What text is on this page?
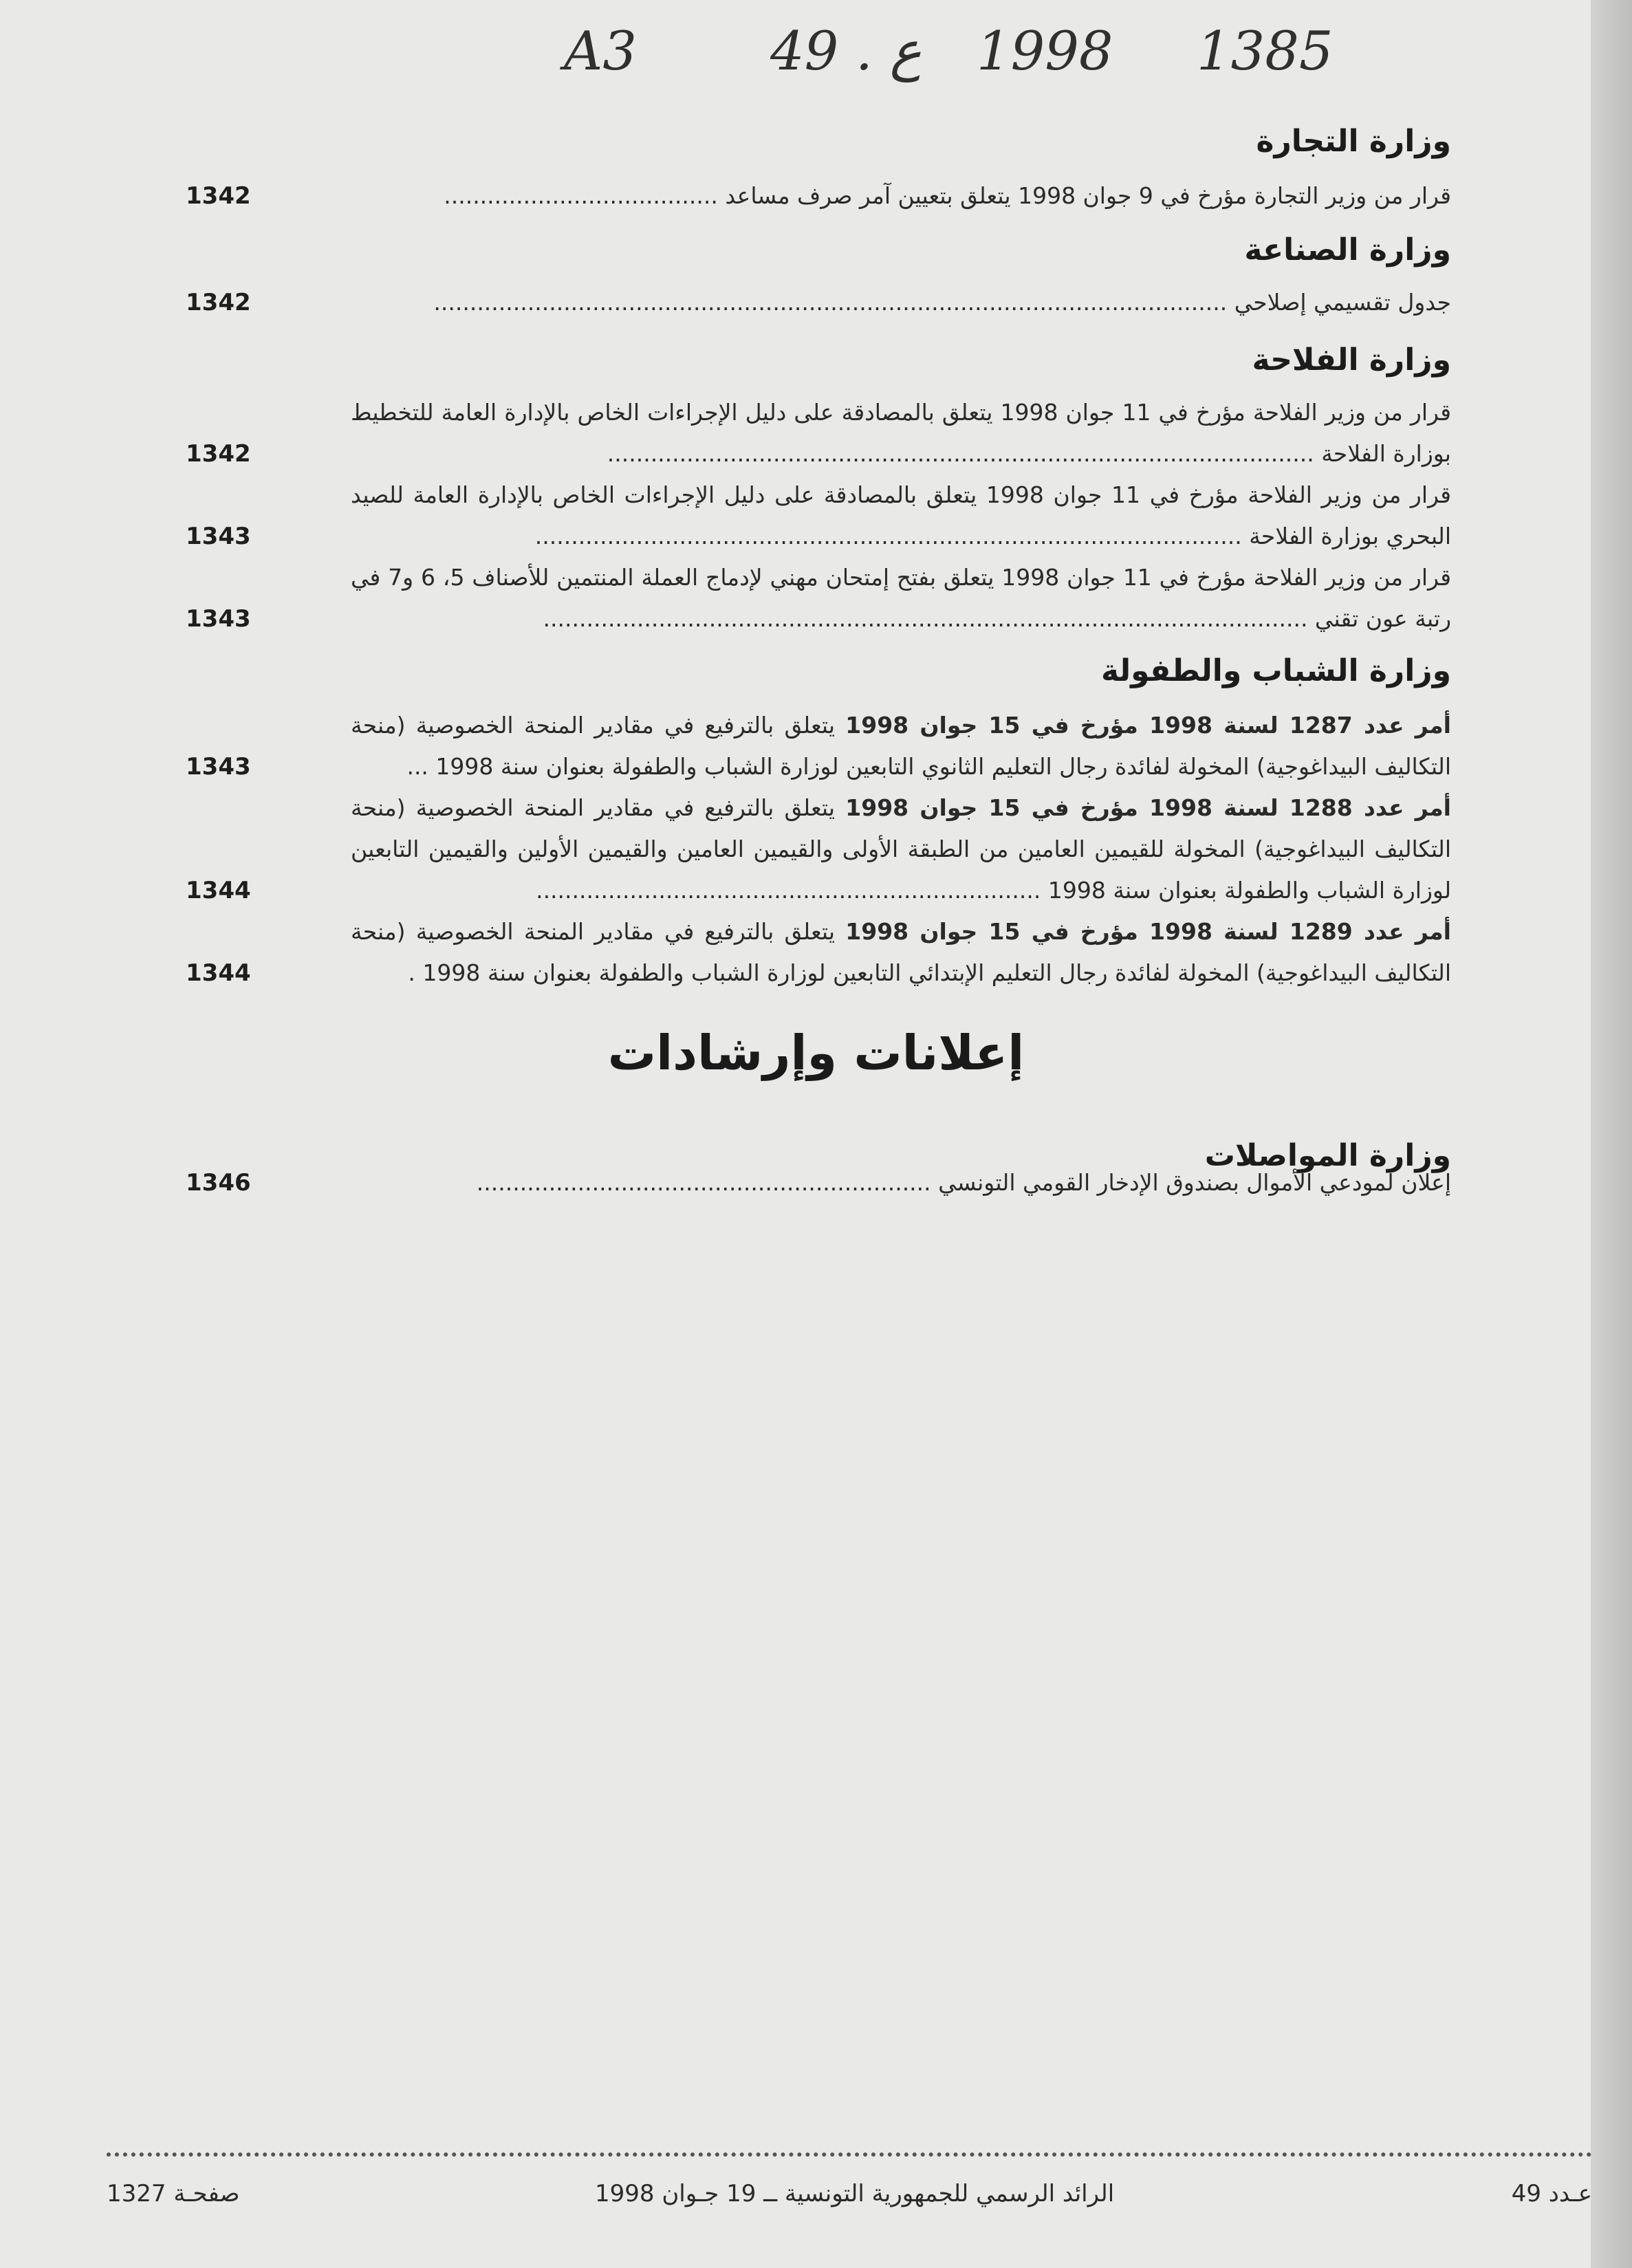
A3 49 . ع 1998 1385
وزارة التجارة

قرار من وزير التجارة مؤرخ في 9 جوان 1998 يتعلق بتعيين آمر صرف مساعد ......................................

1342
وزارة الصناعة

جدول تقسيمي إصلاحي ..............................................................................................................

1342
وزارة الفلاحة

قرار من وزير الفلاحة مؤرخ في 11 جوان 1998 يتعلق بالمصادقة على دليل الإجراءات الخاص بالإدارة العامة للتخطيط بوزارة الفلاحة ..................................................................................................

1342

قرار من وزير الفلاحة مؤرخ في 11 جوان 1998 يتعلق بالمصادقة على دليل الإجراءات الخاص بالإدارة العامة للصيد البحري بوزارة الفلاحة ..................................................................................................

1343

قرار من وزير الفلاحة مؤرخ في 11 جوان 1998 يتعلق بفتح إمتحان مهني لإدماج العملة المنتمين للأصناف 5، 6 و7 في رتبة عون تقني ..........................................................................................................

1343
وزارة الشباب والطفولة

أمر عدد 1287 لسنة 1998 مؤرخ في 15 جوان 1998 يتعلق بالترفيع في مقادير المنحة الخصوصية (منحة التكاليف البيداغوجية) المخولة لفائدة رجال التعليم الثانوي التابعين لوزارة الشباب والطفولة بعنوان سنة 1998 ...

1343

أمر عدد 1288 لسنة 1998 مؤرخ في 15 جوان 1998 يتعلق بالترفيع في مقادير المنحة الخصوصية (منحة التكاليف البيداغوجية) المخولة للقيمين العامين من الطبقة الأولى والقيمين العامين والقيمين الأولين والقيمين التابعين لوزارة الشباب والطفولة بعنوان سنة 1998 ......................................................................

1344

أمر عدد 1289 لسنة 1998 مؤرخ في 15 جوان 1998 يتعلق بالترفيع في مقادير المنحة الخصوصية (منحة التكاليف البيداغوجية) المخولة لفائدة رجال التعليم الإبتدائي التابعين لوزارة الشباب والطفولة بعنوان سنة 1998 .

1344
وزارة المواصلات

إعلان لمودعي الأموال بصندوق الإدخار القومي التونسي ...............................................................

1346
إعلانات وإرشادات
عـدد 49
الرائد الرسمي للجمهورية التونسية ــ 19 جـوان 1998
صفحـة 1327
